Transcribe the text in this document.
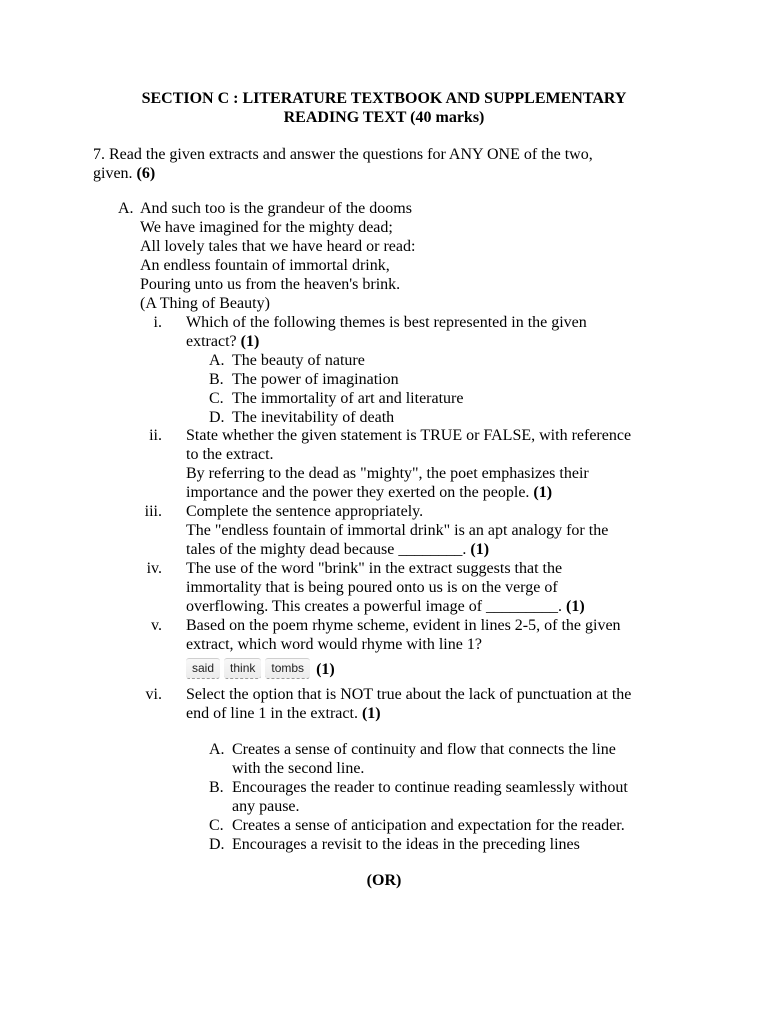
SECTION C : LITERATURE TEXTBOOK AND SUPPLEMENTARY
READING TEXT (40 marks)
7. Read the given extracts and answer the questions for ANY ONE of the two,
given. (6)
A. And such too is the grandeur of the dooms
We have imagined for the mighty dead;
All lovely tales that we have heard or read:
An endless fountain of immortal drink,
Pouring unto us from the heaven's brink.
(A Thing of Beauty)
i. Which of the following themes is best represented in the given
extract? (1)
A. The beauty of nature
B. The power of imagination
C. The immortality of art and literature
D. The inevitability of death
ii. State whether the given statement is TRUE or FALSE, with reference
to the extract.
By referring to the dead as "mighty", the poet emphasizes their
importance and the power they exerted on the people. (1)
iii. Complete the sentence appropriately.
The "endless fountain of immortal drink" is an apt analogy for the
tales of the mighty dead because ________. (1)
iv. The use of the word "brink" in the extract suggests that the
immortality that is being poured onto us is on the verge of
overflowing. This creates a powerful image of _________. (1)
v. Based on the poem rhyme scheme, evident in lines 2-5, of the given
extract, which word would rhyme with line 1?
said	think	tombs (1)
vi. Select the option that is NOT true about the lack of punctuation at the
end of line 1 in the extract. (1)
A. Creates a sense of continuity and flow that connects the line
with the second line.
B. Encourages the reader to continue reading seamlessly without
any pause.
C. Creates a sense of anticipation and expectation for the reader.
D. Encourages a revisit to the ideas in the preceding lines
(OR)
